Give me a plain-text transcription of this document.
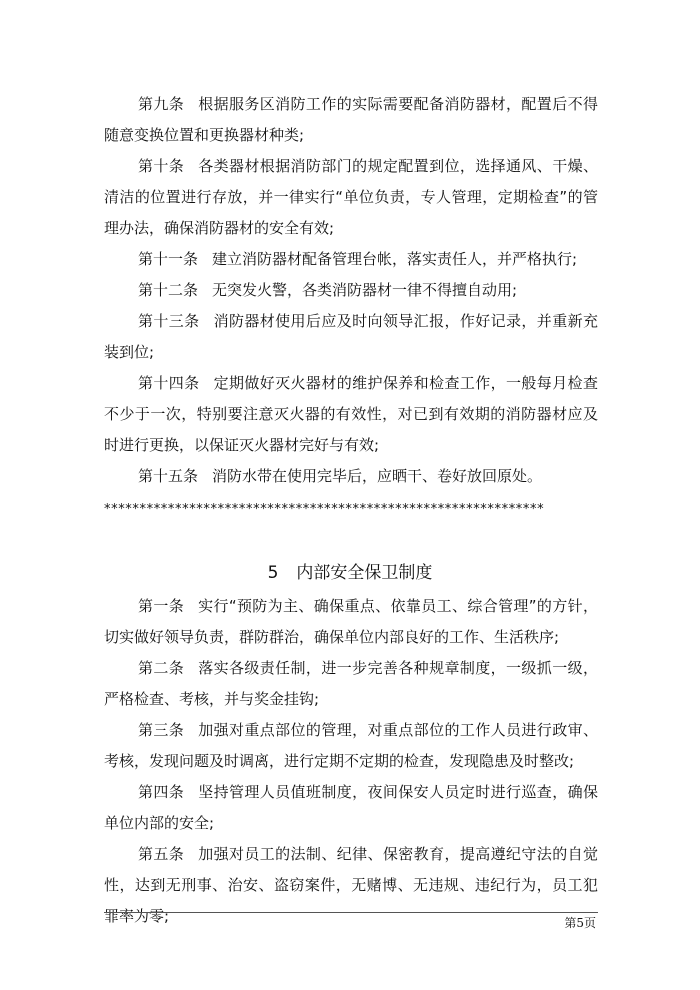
第九条 根据服务区消防工作的实际需要配备消防器材，配置后不得随意变换位置和更换器材种类;

第十条 各类器材根据消防部门的规定配置到位，选择通风、干燥、清洁的位置进行存放，并一律实行“单位负责，专人管理，定期检查”的管理办法，确保消防器材的安全有效;

第十一条 建立消防器材配备管理台帐，落实责任人，并严格执行;

第十二条 无突发火警，各类消防器材一律不得擅自动用;

第十三条 消防器材使用后应及时向领导汇报，作好记录，并重新充装到位;

第十四条 定期做好灭火器材的维护保养和检查工作，一般每月检查不少于一次，特别要注意灭火器的有效性，对已到有效期的消防器材应及时进行更换，以保证灭火器材完好与有效;

第十五条 消防水带在使用完毕后，应晒干、卷好放回原处。

**************************************************************
5 内部安全保卫制度

第一条 实行“预防为主、确保重点、依靠员工、综合管理”的方针，切实做好领导负责，群防群治，确保单位内部良好的工作、生活秩序;

第二条 落实各级责任制，进一步完善各种规章制度，一级抓一级，严格检查、考核，并与奖金挂钩;

第三条 加强对重点部位的管理，对重点部位的工作人员进行政审、考核，发现问题及时调离，进行定期不定期的检查，发现隐患及时整改;

第四条 坚持管理人员值班制度，夜间保安人员定时进行巡查，确保单位内部的安全;

第五条 加强对员工的法制、纪律、保密教育，提高遵纪守法的自觉性，达到无刑事、治安、盗窃案件，无赌博、无违规、违纪行为，员工犯罪率为零;	第5页
